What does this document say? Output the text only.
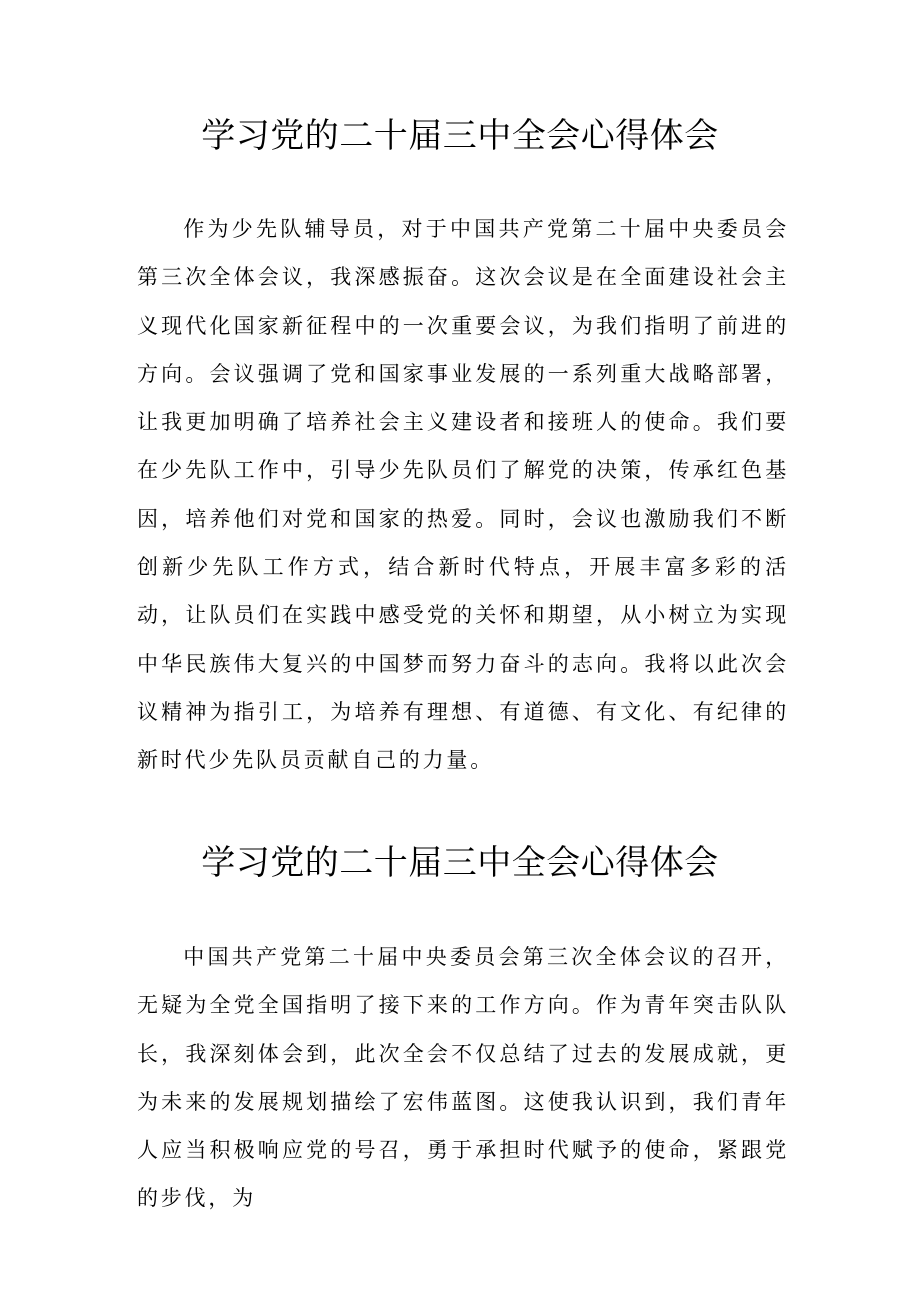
学习党的二十届三中全会心得体会

作为少先队辅导员，对于中国共产党第二十届中央委员会第三次全体会议，我深感振奋。这次会议是在全面建设社会主义现代化国家新征程中的一次重要会议，为我们指明了前进的方向。会议强调了党和国家事业发展的一系列重大战略部署，让我更加明确了培养社会主义建设者和接班人的使命。我们要在少先队工作中，引导少先队员们了解党的决策，传承红色基因，培养他们对党和国家的热爱。同时，会议也激励我们不断创新少先队工作方式，结合新时代特点，开展丰富多彩的活动，让队员们在实践中感受党的关怀和期望，从小树立为实现中华民族伟大复兴的中国梦而努力奋斗的志向。我将以此次会议精神为指引工，为培养有理想、有道德、有文化、有纪律的新时代少先队员贡献自己的力量。

学习党的二十届三中全会心得体会

中国共产党第二十届中央委员会第三次全体会议的召开，无疑为全党全国指明了接下来的工作方向。作为青年突击队队长，我深刻体会到，此次全会不仅总结了过去的发展成就，更为未来的发展规划描绘了宏伟蓝图。这使我认识到，我们青年人应当积极响应党的号召，勇于承担时代赋予的使命，紧跟党的步伐，为
